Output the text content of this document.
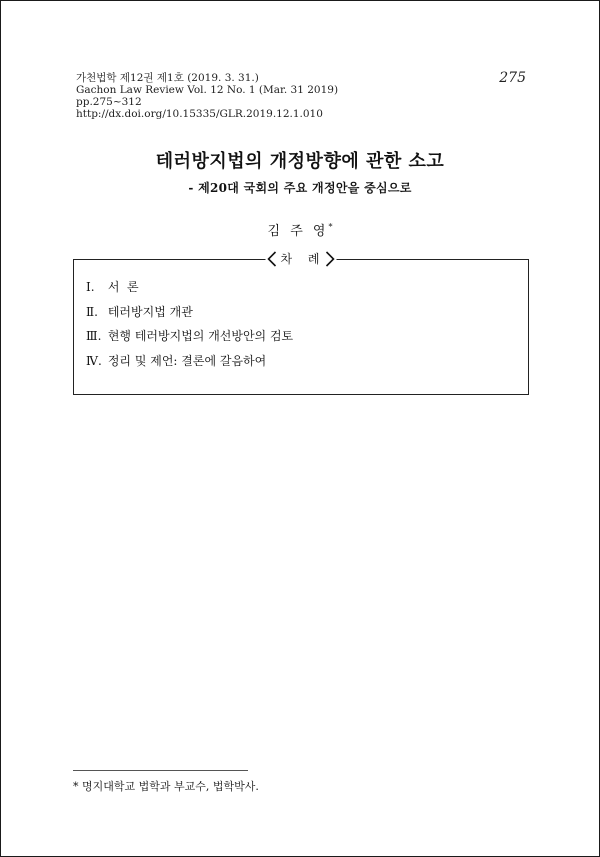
가천법학 제12권 제1호 (2019. 3. 31.)
Gachon Law Review Vol. 12 No. 1 (Mar. 31 2019)
pp.275~312
http://dx.doi.org/10.15335/GLR.2019.12.1.010
275
테러방지법의 개정방향에 관한 소고
- 제20대 국회의 주요 개정안을 중심으로
김 주 영*
차 례
Ⅰ. 서  론
Ⅱ. 테러방지법 개관
Ⅲ. 현행 테러방지법의 개선방안의 검토
Ⅳ. 정리 및 제언: 결론에 갈음하여
* 명지대학교 법학과 부교수, 법학박사.
